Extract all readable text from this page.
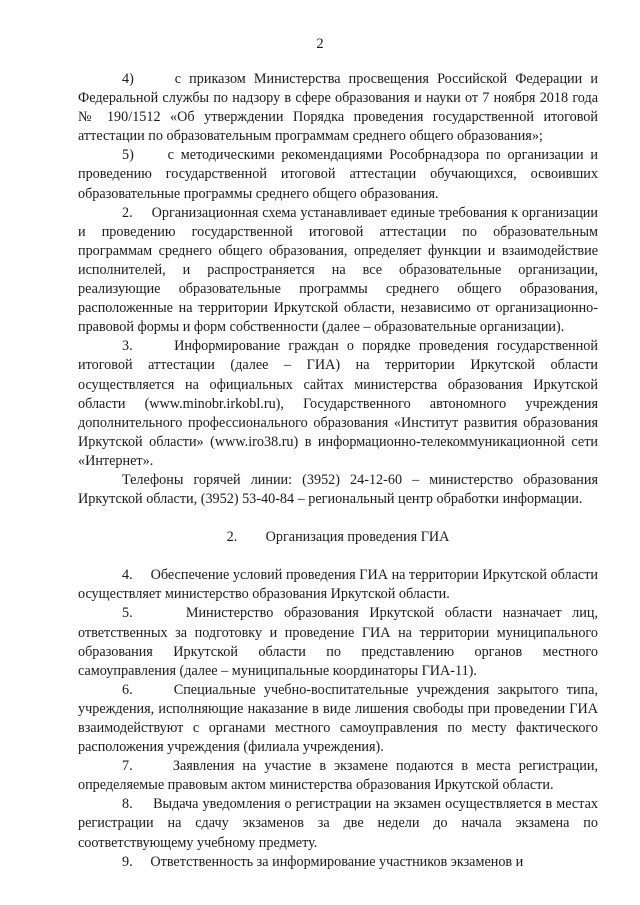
2

4)     с приказом Министерства просвещения Российской Федерации и Федеральной службы по надзору в сфере образования и науки от 7 ноября 2018 года № 190/1512 «Об утверждении Порядка проведения государственной итоговой аттестации по образовательным программам среднего общего образования»;

5)     с методическими рекомендациями Рособрнадзора по организации и проведению государственной итоговой аттестации обучающихся, освоивших образовательные программы среднего общего образования.

2.     Организационная схема устанавливает единые требования к организации и проведению государственной итоговой аттестации по образовательным программам среднего общего образования, определяет функции и взаимодействие исполнителей, и распространяется на все образовательные организации, реализующие образовательные программы среднего общего образования, расположенные на территории Иркутской области, независимо от организационно-правовой формы и форм собственности (далее – образовательные организации).

3.     Информирование граждан о порядке проведения государственной итоговой аттестации (далее – ГИА) на территории Иркутской области осуществляется на официальных сайтах министерства образования Иркутской области (www.minobr.irkobl.ru), Государственного автономного учреждения дополнительного профессионального образования «Институт развития образования Иркутской области» (www.iro38.ru) в информационно-телекоммуникационной сети «Интернет».

Телефоны горячей линии: (3952) 24-12-60 – министерство образования Иркутской области, (3952) 53-40-84 – региональный центр обработки информации.

2.        Организация проведения ГИА

4.     Обеспечение условий проведения ГИА на территории Иркутской области осуществляет министерство образования Иркутской области.

5.     Министерство образования Иркутской области назначает лиц, ответственных за подготовку и проведение ГИА на территории муниципального образования Иркутской области по представлению органов местного самоуправления (далее – муниципальные координаторы ГИА-11).

6.     Специальные учебно-воспитательные учреждения закрытого типа, учреждения, исполняющие наказание в виде лишения свободы при проведении ГИА взаимодействуют с органами местного самоуправления по месту фактического расположения учреждения (филиала учреждения).

7.     Заявления на участие в экзамене подаются в места регистрации, определяемые правовым актом министерства образования Иркутской области.

8.     Выдача уведомления о регистрации на экзамен осуществляется в местах регистрации на сдачу экзаменов за две недели до начала экзамена по соответствующему учебному предмету.

9.     Ответственность за информирование участников экзаменов и
